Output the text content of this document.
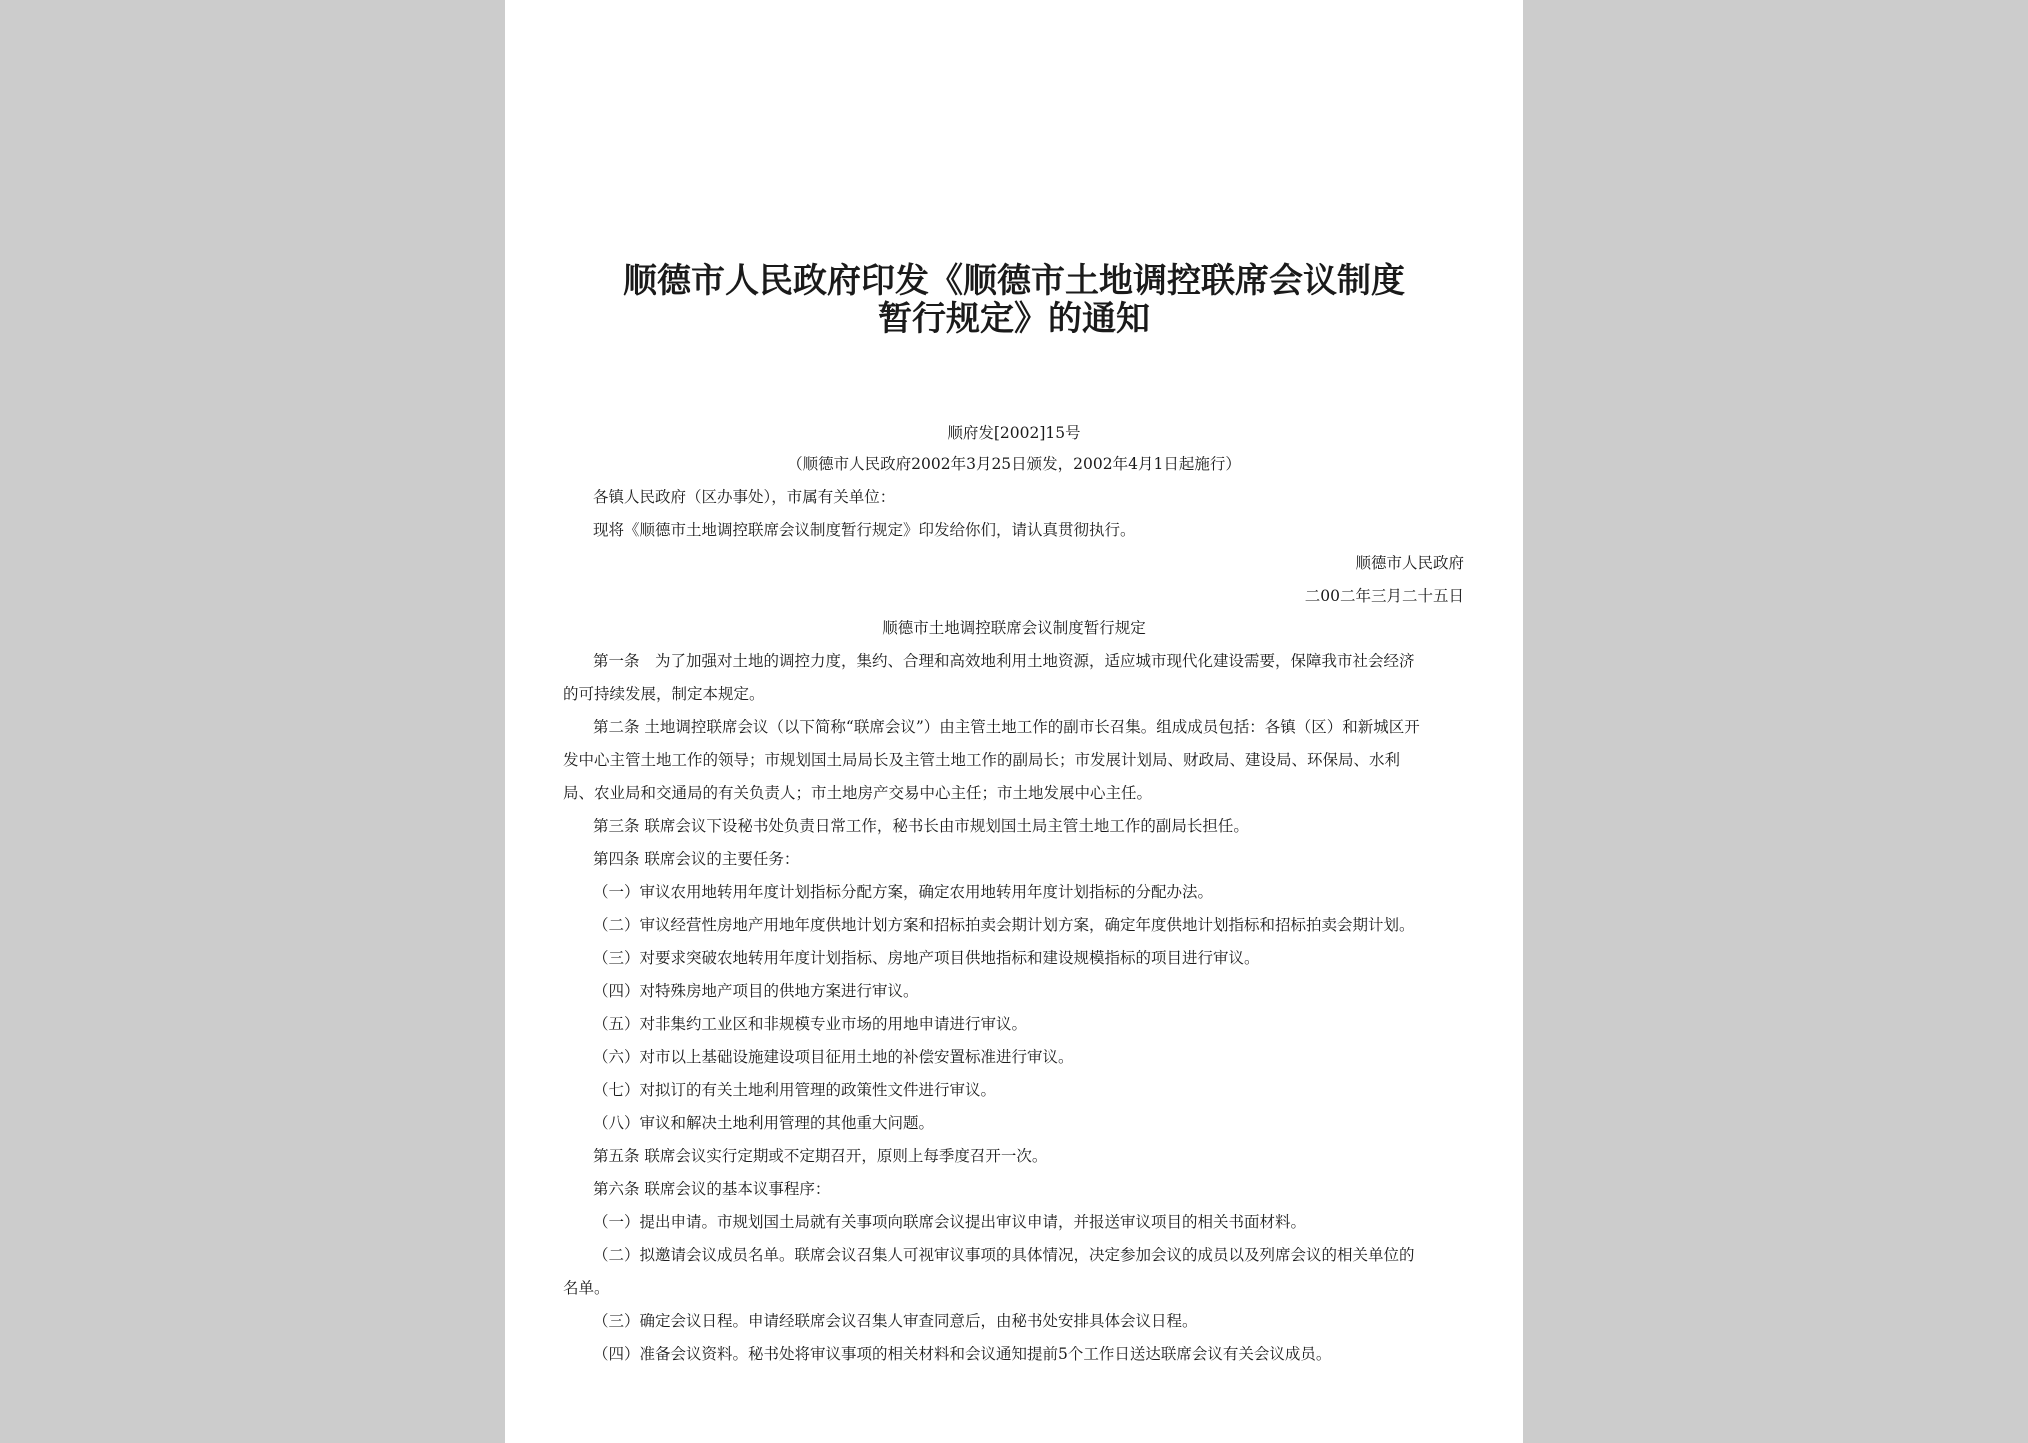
顺德市人民政府印发《顺德市土地调控联席会议制度
暂行规定》的通知
顺府发[2002]15号
（顺德市人民政府2002年3月25日颁发，2002年4月1日起施行）
各镇人民政府（区办事处），市属有关单位：
现将《顺德市土地调控联席会议制度暂行规定》印发给你们，请认真贯彻执行。
顺德市人民政府
二00二年三月二十五日
顺德市土地调控联席会议制度暂行规定
第一条　为了加强对土地的调控力度，集约、合理和高效地利用土地资源，适应城市现代化建设需要，保障我市社会经济
的可持续发展，制定本规定。
第二条 土地调控联席会议（以下简称“联席会议”）由主管土地工作的副市长召集。组成成员包括：各镇（区）和新城区开
发中心主管土地工作的领导；市规划国土局局长及主管土地工作的副局长；市发展计划局、财政局、建设局、环保局、水利
局、农业局和交通局的有关负责人；市土地房产交易中心主任；市土地发展中心主任。
第三条 联席会议下设秘书处负责日常工作，秘书长由市规划国土局主管土地工作的副局长担任。
第四条 联席会议的主要任务：
（一）审议农用地转用年度计划指标分配方案，确定农用地转用年度计划指标的分配办法。
（二）审议经营性房地产用地年度供地计划方案和招标拍卖会期计划方案，确定年度供地计划指标和招标拍卖会期计划。
（三）对要求突破农地转用年度计划指标、房地产项目供地指标和建设规模指标的项目进行审议。
（四）对特殊房地产项目的供地方案进行审议。
（五）对非集约工业区和非规模专业市场的用地申请进行审议。
（六）对市以上基础设施建设项目征用土地的补偿安置标准进行审议。
（七）对拟订的有关土地利用管理的政策性文件进行审议。
（八）审议和解决土地利用管理的其他重大问题。
第五条 联席会议实行定期或不定期召开，原则上每季度召开一次。
第六条 联席会议的基本议事程序：
（一）提出申请。市规划国土局就有关事项向联席会议提出审议申请，并报送审议项目的相关书面材料。
（二）拟邀请会议成员名单。联席会议召集人可视审议事项的具体情况，决定参加会议的成员以及列席会议的相关单位的
名单。
（三）确定会议日程。申请经联席会议召集人审查同意后，由秘书处安排具体会议日程。
（四）准备会议资料。秘书处将审议事项的相关材料和会议通知提前5个工作日送达联席会议有关会议成员。
